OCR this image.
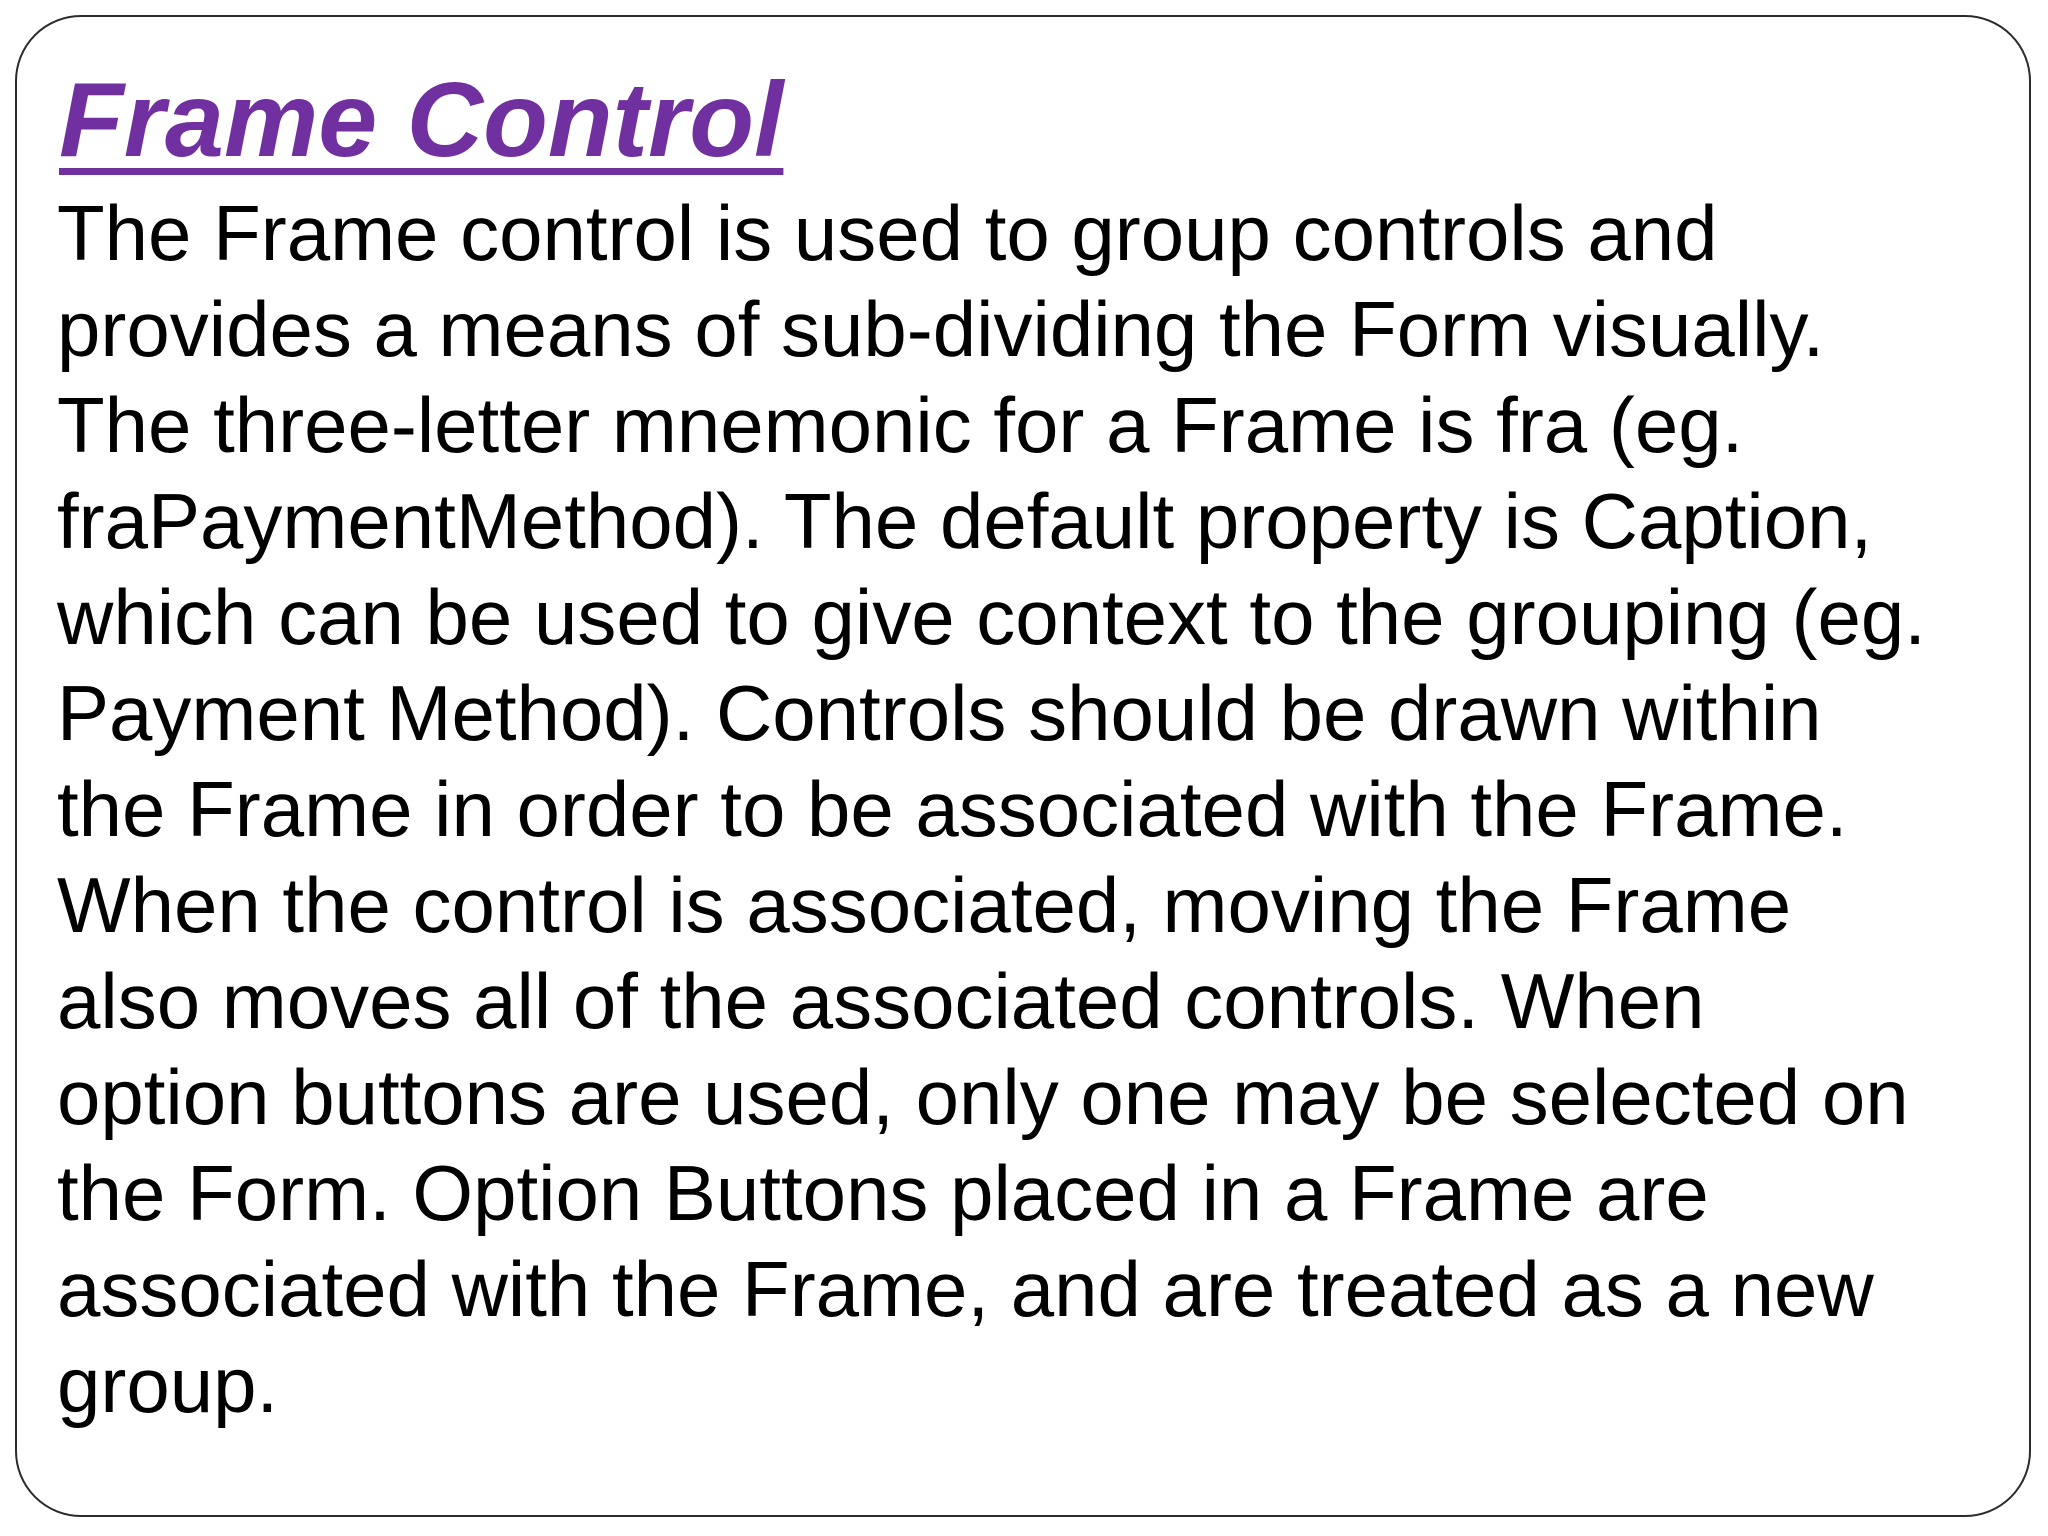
Frame Control
The Frame control is used to group controls and
provides a means of sub-dividing the Form visually.
The three-letter mnemonic for a Frame is fra (eg.
fraPaymentMethod). The default property is Caption,
which can be used to give context to the grouping (eg.
Payment Method). Controls should be drawn within
the Frame in order to be associated with the Frame.
When the control is associated, moving the Frame
also moves all of the associated controls. When
option buttons are used, only one may be selected on
the Form. Option Buttons placed in a Frame are
associated with the Frame, and are treated as a new
group.
